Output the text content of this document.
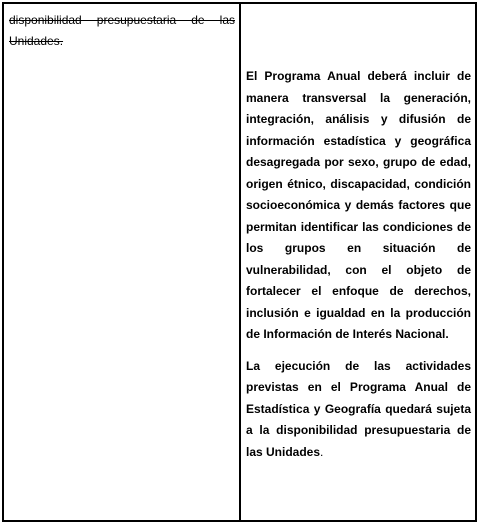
disponibilidad presupuestaria de las Unidades.

El Programa Anual deberá incluir de manera transversal la generación, integración, análisis y difusión de información estadística y geográfica desagregada por sexo, grupo de edad, origen étnico, discapacidad, condición socioeconómica y demás factores que permitan identificar las condiciones de los grupos en situación de vulnerabilidad, con el objeto de fortalecer el enfoque de derechos, inclusión e igualdad en la producción de Información de Interés Nacional.

La ejecución de las actividades previstas en el Programa Anual de Estadística y Geografía quedará sujeta a la disponibilidad presupuestaria de las Unidades.
